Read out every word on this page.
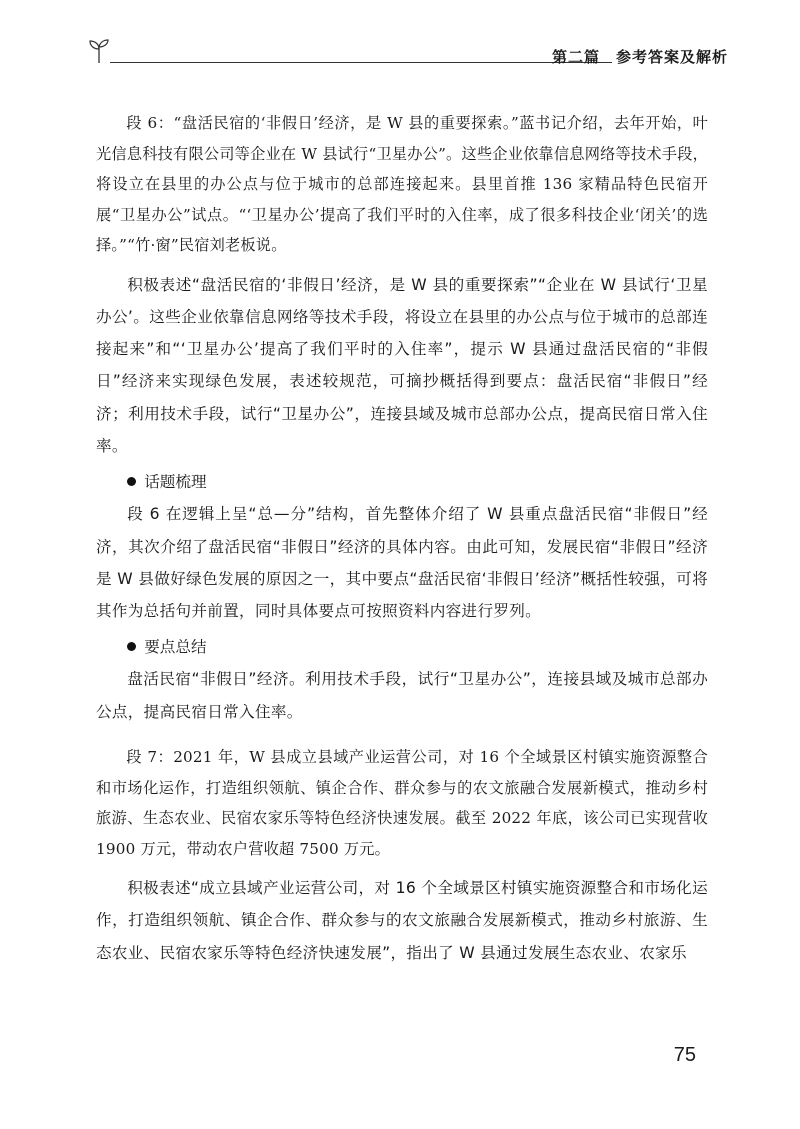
第二篇　参考答案及解析

段 6：“盘活民宿的‘非假日’经济，是 W 县的重要探索。”蓝书记介绍，去年开始，叶光信息科技有限公司等企业在 W 县试行“卫星办公”。这些企业依靠信息网络等技术手段，将设立在县里的办公点与位于城市的总部连接起来。县里首推 136 家精品特色民宿开展“卫星办公”试点。“‘卫星办公’提高了我们平时的入住率，成了很多科技企业‘闭关’的选择。”“竹·窗”民宿刘老板说。

积极表述“盘活民宿的‘非假日’经济，是 W 县的重要探索”“企业在 W 县试行‘卫星办公’。这些企业依靠信息网络等技术手段，将设立在县里的办公点与位于城市的总部连接起来”和“‘卫星办公’提高了我们平时的入住率”，提示 W 县通过盘活民宿的“非假日”经济来实现绿色发展，表述较规范，可摘抄概括得到要点：盘活民宿“非假日”经济；利用技术手段，试行“卫星办公”，连接县域及城市总部办公点，提高民宿日常入住率。

话题梳理

段 6 在逻辑上呈“总—分”结构，首先整体介绍了 W 县重点盘活民宿“非假日”经济，其次介绍了盘活民宿“非假日”经济的具体内容。由此可知，发展民宿“非假日”经济是 W 县做好绿色发展的原因之一，其中要点“盘活民宿‘非假日’经济”概括性较强，可将其作为总括句并前置，同时具体要点可按照资料内容进行罗列。

要点总结

盘活民宿“非假日”经济。利用技术手段，试行“卫星办公”，连接县域及城市总部办公点，提高民宿日常入住率。

段 7：2021 年，W 县成立县域产业运营公司，对 16 个全域景区村镇实施资源整合和市场化运作，打造组织领航、镇企合作、群众参与的农文旅融合发展新模式，推动乡村旅游、生态农业、民宿农家乐等特色经济快速发展。截至 2022 年底，该公司已实现营收 1900 万元，带动农户营收超 7500 万元。

积极表述“成立县域产业运营公司，对 16 个全域景区村镇实施资源整合和市场化运作，打造组织领航、镇企合作、群众参与的农文旅融合发展新模式，推动乡村旅游、生态农业、民宿农家乐等特色经济快速发展”，指出了 W 县通过发展生态农业、农家乐

75
